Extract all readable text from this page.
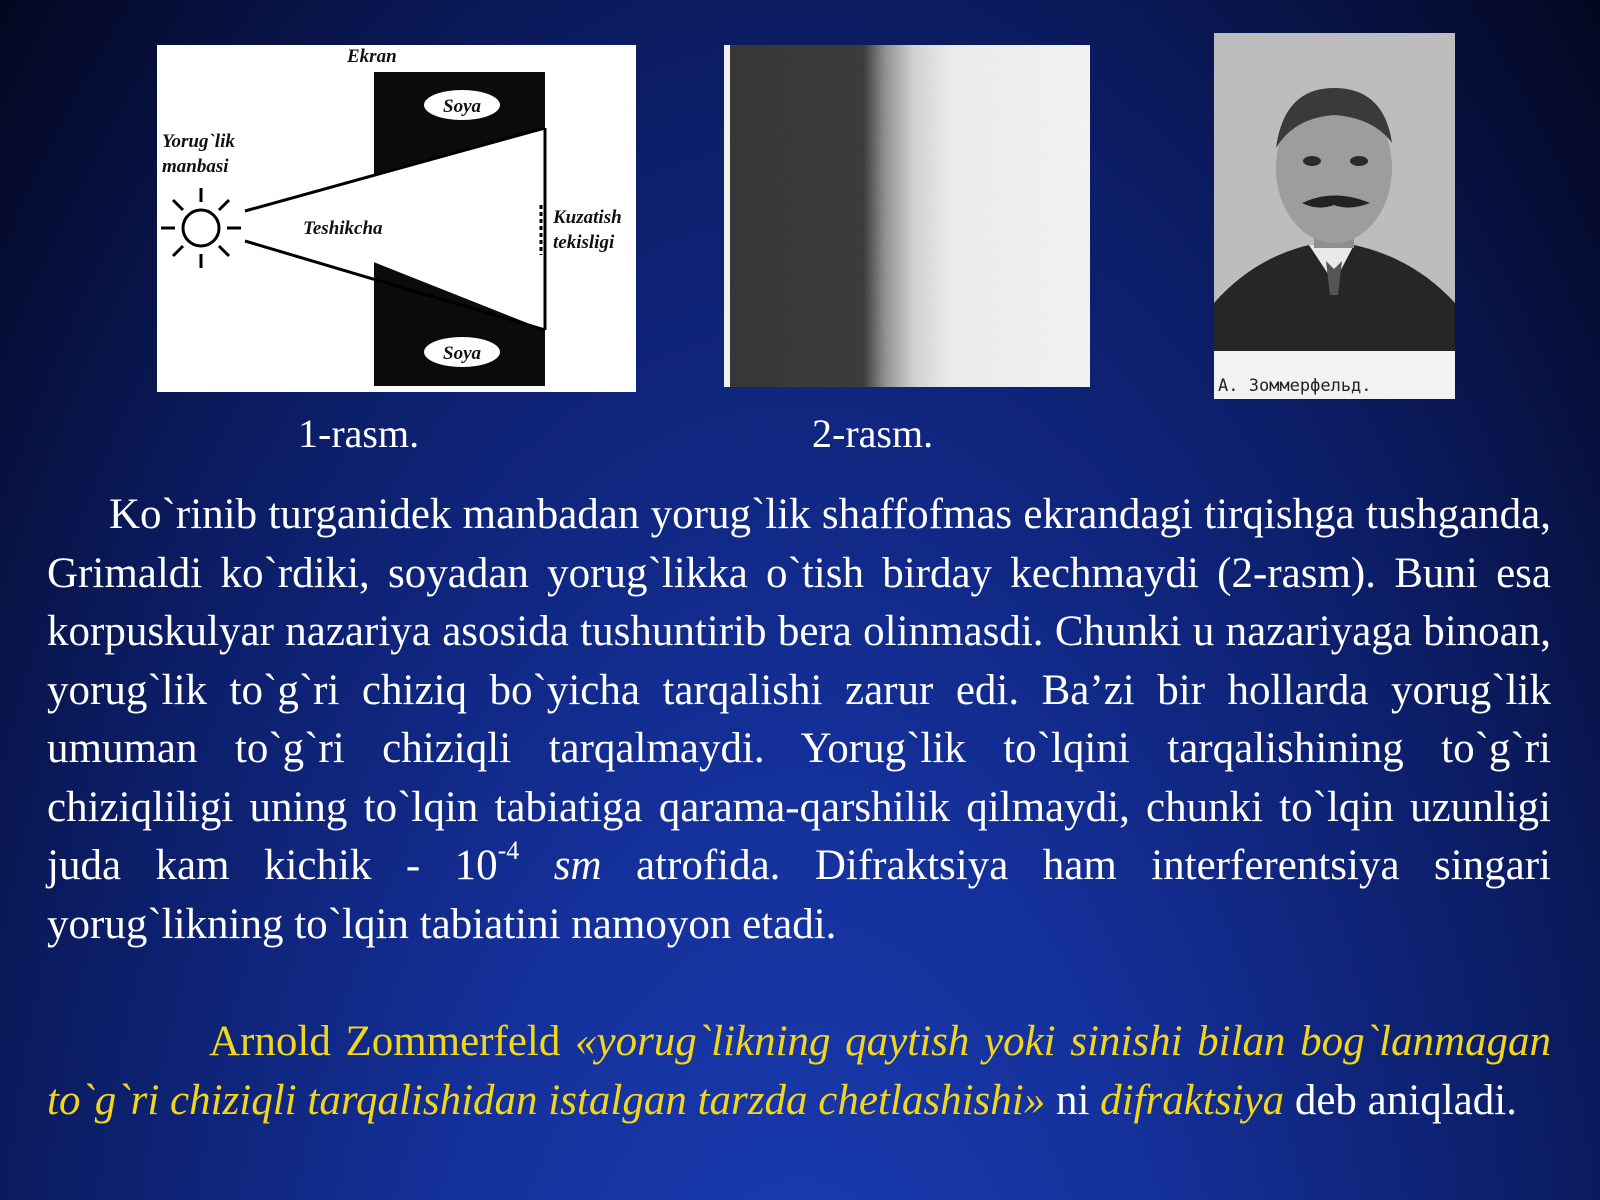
Ekran
Soya
Soya
Yorug`lik
manbasi
Teshikcha
Kuzatish
tekisligi
А. Зоммерфельд.
1-rasm.	2-rasm.
Ko`rinib turganidek manbadan yorug`lik shaffofmas ekrandagi tirqishga tushganda, Grimaldi ko`rdiki, soyadan yorug`likka o`tish birday kechmaydi (2-rasm). Buni esa korpuskulyar nazariya asosida tushuntirib bera olinmasdi. Chunki u nazariyaga binoan, yorug`lik to`g`ri chiziq bo`yicha tarqalishi zarur edi. Ba’zi bir hollarda yorug`lik umuman to`g`ri chiziqli tarqalmaydi. Yorug`lik to`lqini tarqalishining to`g`ri chiziqliligi uning to`lqin tabiatiga qarama-qarshilik qilmaydi, chunki to`lqin uzunligi juda kam kichik - $10^{-4}$ sm atrofida. Difraktsiya ham interferentsiya singari yorug`likning to`lqin tabiatini namoyon etadi.
Arnold Zommerfeld «yorug`likning qaytish yoki sinishi bilan bog`lanmagan to`g`ri chiziqli tarqalishidan istalgan tarzda chetlashishi» ni difraktsiya deb aniqladi.
